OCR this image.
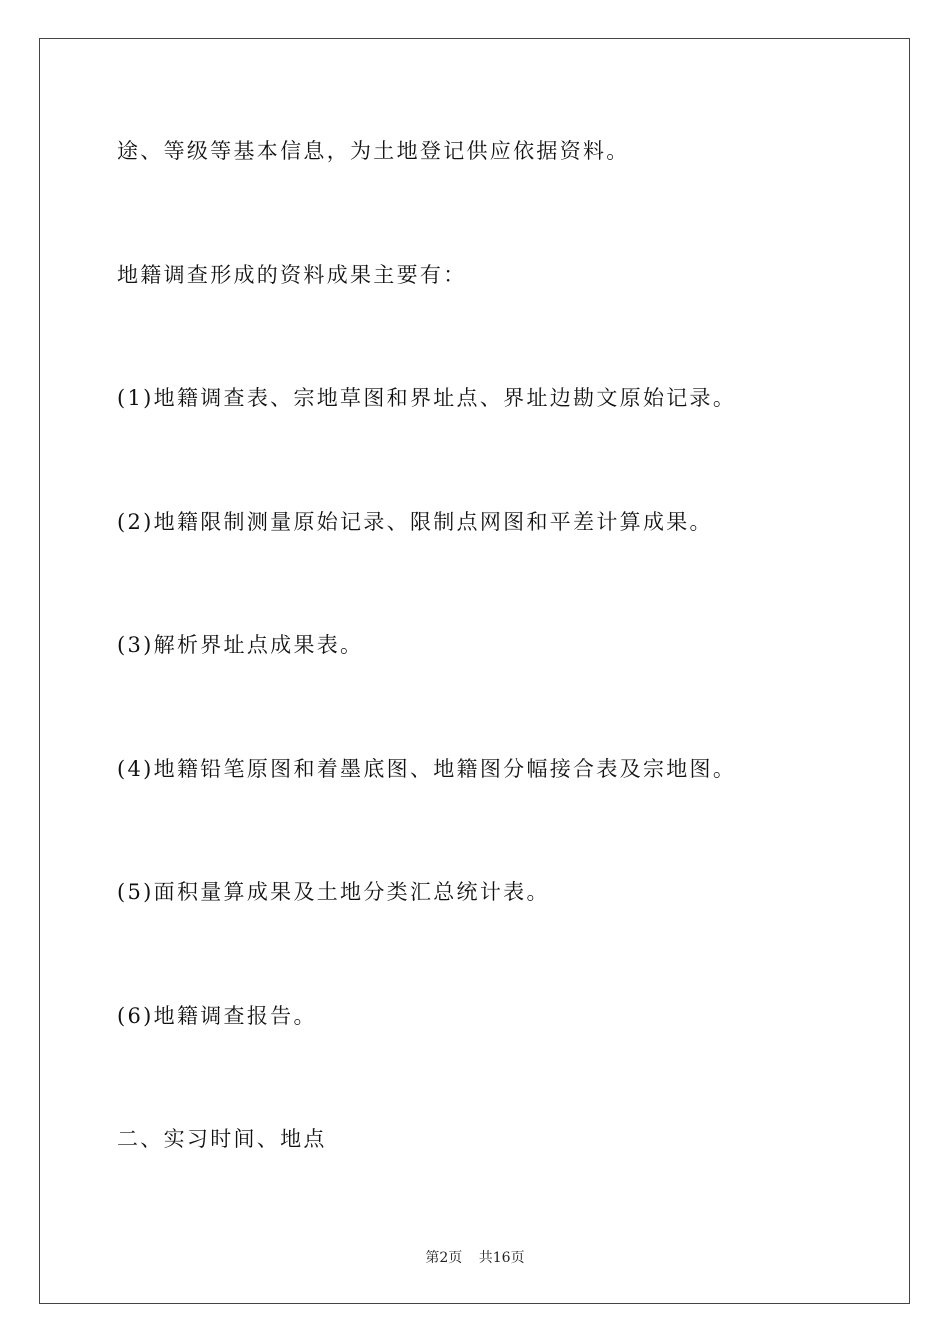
途、等级等基本信息，为土地登记供应依据资料。

地籍调查形成的资料成果主要有：

(1)地籍调查表、宗地草图和界址点、界址边勘文原始记录。

(2)地籍限制测量原始记录、限制点网图和平差计算成果。

(3)解析界址点成果表。

(4)地籍铅笔原图和着墨底图、地籍图分幅接合表及宗地图。

(5)面积量算成果及土地分类汇总统计表。

(6)地籍调查报告。

二、实习时间、地点

第2页 共16页
